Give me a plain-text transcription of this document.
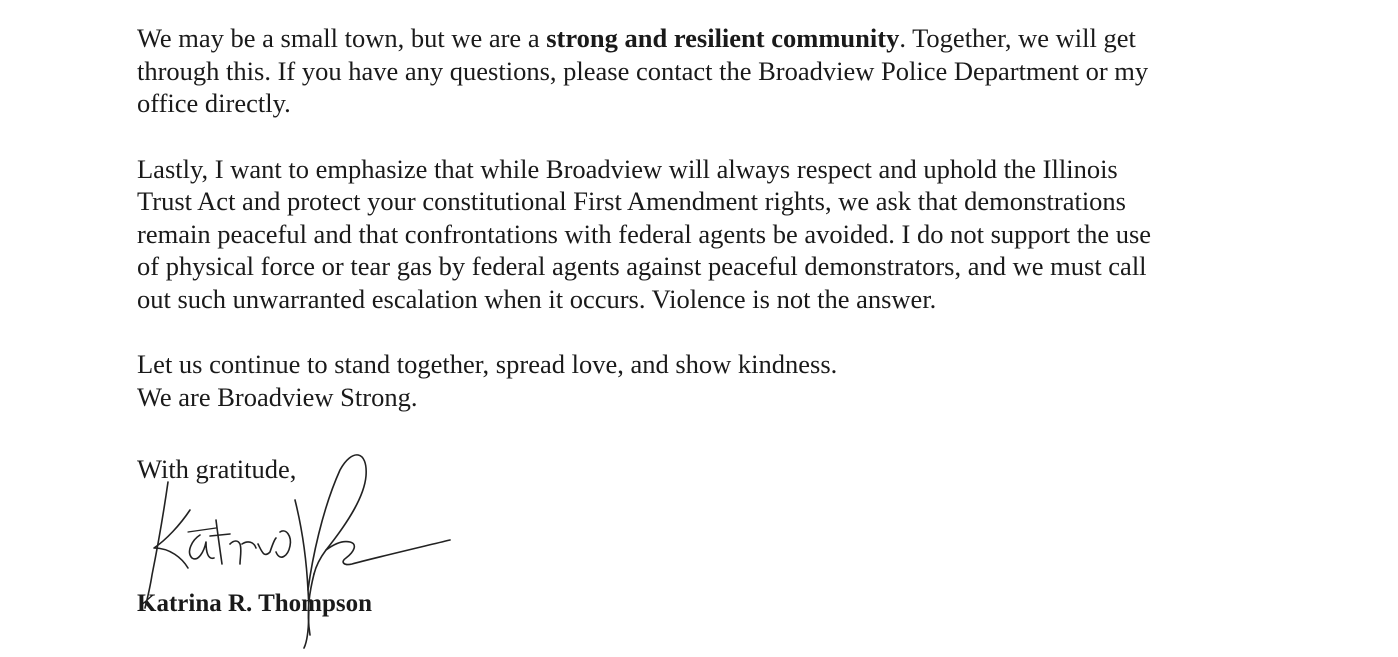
We may be a small town, but we are a strong and resilient community. Together, we will get
through this. If you have any questions, please contact the Broadview Police Department or my
office directly.

Lastly, I want to emphasize that while Broadview will always respect and uphold the Illinois
Trust Act and protect your constitutional First Amendment rights, we ask that demonstrations
remain peaceful and that confrontations with federal agents be avoided. I do not support the use
of physical force or tear gas by federal agents against peaceful demonstrators, and we must call
out such unwarranted escalation when it occurs. Violence is not the answer.

Let us continue to stand together, spread love, and show kindness.
We are Broadview Strong.

With gratitude,
Katrina R. Thompson
